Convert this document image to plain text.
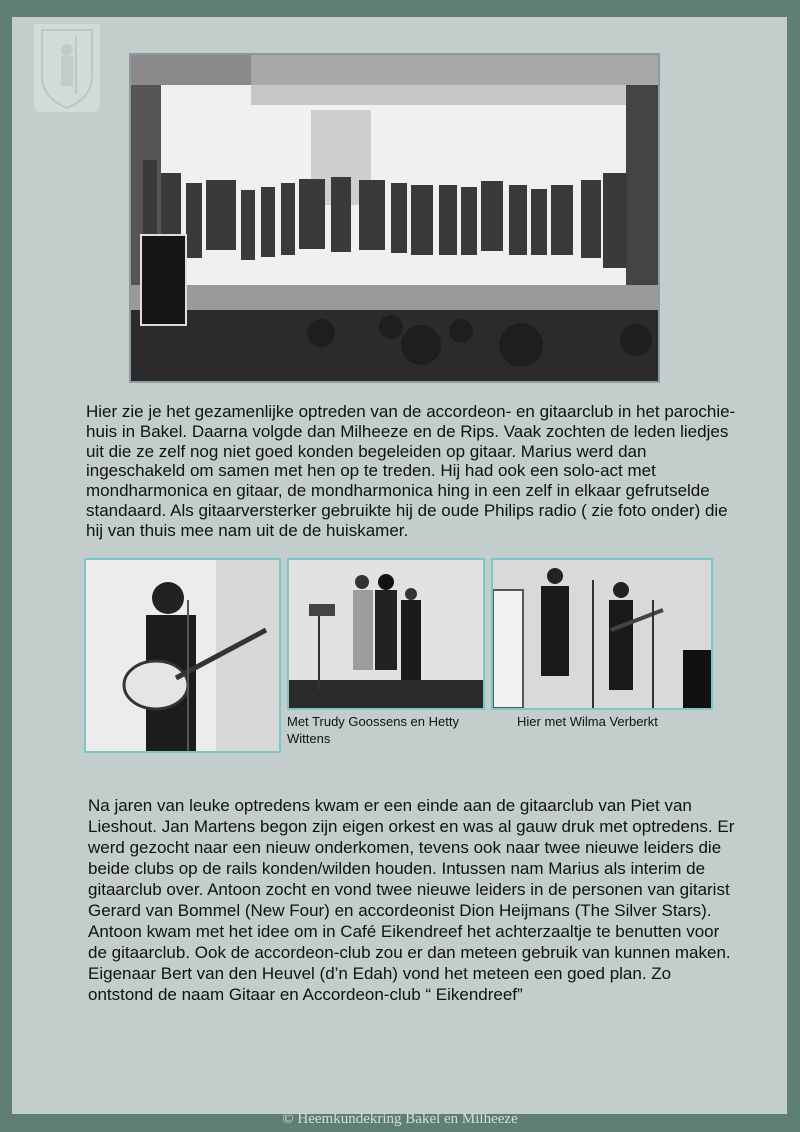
Hier zie je het gezamenlijke optreden van de accordeon- en gitaarclub in het parochie-huis in Bakel. Daarna volgde dan Milheeze en de Rips. Vaak zochten de leden liedjes uit die ze zelf nog niet goed konden begeleiden op gitaar. Marius werd dan ingeschakeld om samen met hen op te treden. Hij had ook een solo-act met mondharmonica en gitaar, de mondharmonica hing in een zelf in elkaar gefrutselde standaard. Als gitaarversterker gebruikte hij de oude Philips radio ( zie foto onder) die hij van thuis mee nam uit de de huiskamer.

Met Trudy Goossens en Hetty Wittens

Hier met Wilma Verberkt

Na jaren van leuke optredens kwam er een einde aan de gitaarclub van Piet van Lieshout. Jan Martens begon zijn eigen orkest en was al gauw druk met optredens. Er werd gezocht naar een nieuw onderkomen, tevens ook naar twee nieuwe leiders die beide clubs op de rails konden/wilden houden. Intussen nam Marius als interim de gitaarclub over. Antoon zocht en vond twee nieuwe leiders in de personen van gitarist Gerard van Bommel (New Four) en accordeonist Dion Heijmans (The Silver Stars). Antoon kwam met het idee om in Café Eikendreef het achterzaaltje te benutten voor de gitaarclub. Ook de accordeon-club zou er dan meteen gebruik van kunnen maken. Eigenaar Bert van den Heuvel (d’n Edah) vond het meteen een goed plan. Zo ontstond de naam Gitaar en Accordeon-club “ Eikendreef”

© Heemkundekring Bakel en Milheeze
